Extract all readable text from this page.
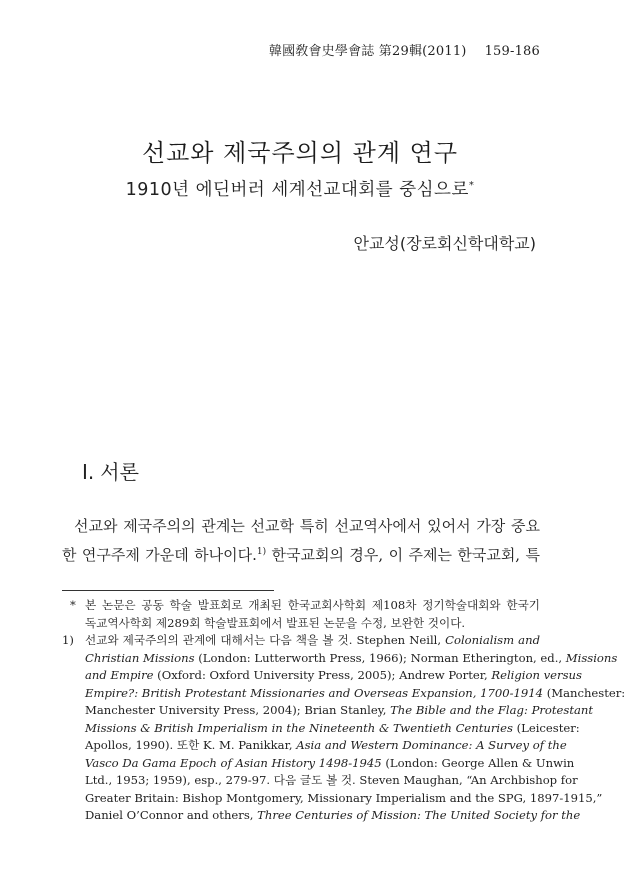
韓國敎會史學會誌 第29輯(2011) 159-186
선교와 제국주의의 관계 연구
1910년 에딘버러 세계선교대회를 중심으로*
안교성(장로회신학대학교)
Ⅰ. 서론
선교와 제국주의의 관계는 선교학 특히 선교역사에서 있어서 가장 중요
한 연구주제 가운데 하나이다.$^{1)}$ 한국교회의 경우, 이 주제는 한국교회, 특
* 본 논문은 공동 학술 발표회로 개최된 한국교회사학회 제108차 정기학술대회와 한국기
독교역사학회 제289회 학술발표회에서 발표된 논문을 수정, 보완한 것이다.
1) 선교와 제국주의의 관계에 대해서는 다음 책을 볼 것. Stephen Neill, Colonialism and
Christian Missions (London: Lutterworth Press, 1966); Norman Etherington, ed., Missions
and Empire (Oxford: Oxford University Press, 2005); Andrew Porter, Religion versus
Empire?: British Protestant Missionaries and Overseas Expansion, 1700-1914 (Manchester:
Manchester University Press, 2004); Brian Stanley, The Bible and the Flag: Protestant
Missions & British Imperialism in the Nineteenth & Twentieth Centuries (Leicester:
Apollos, 1990). 또한 K. M. Panikkar, Asia and Western Dominance: A Survey of the
Vasco Da Gama Epoch of Asian History 1498-1945 (London: George Allen & Unwin
Ltd., 1953; 1959), esp., 279-97. 다음 글도 볼 것. Steven Maughan, “An Archbishop for
Greater Britain: Bishop Montgomery, Missionary Imperialism and the SPG, 1897-1915,”
Daniel O’Connor and others, Three Centuries of Mission: The United Society for the
